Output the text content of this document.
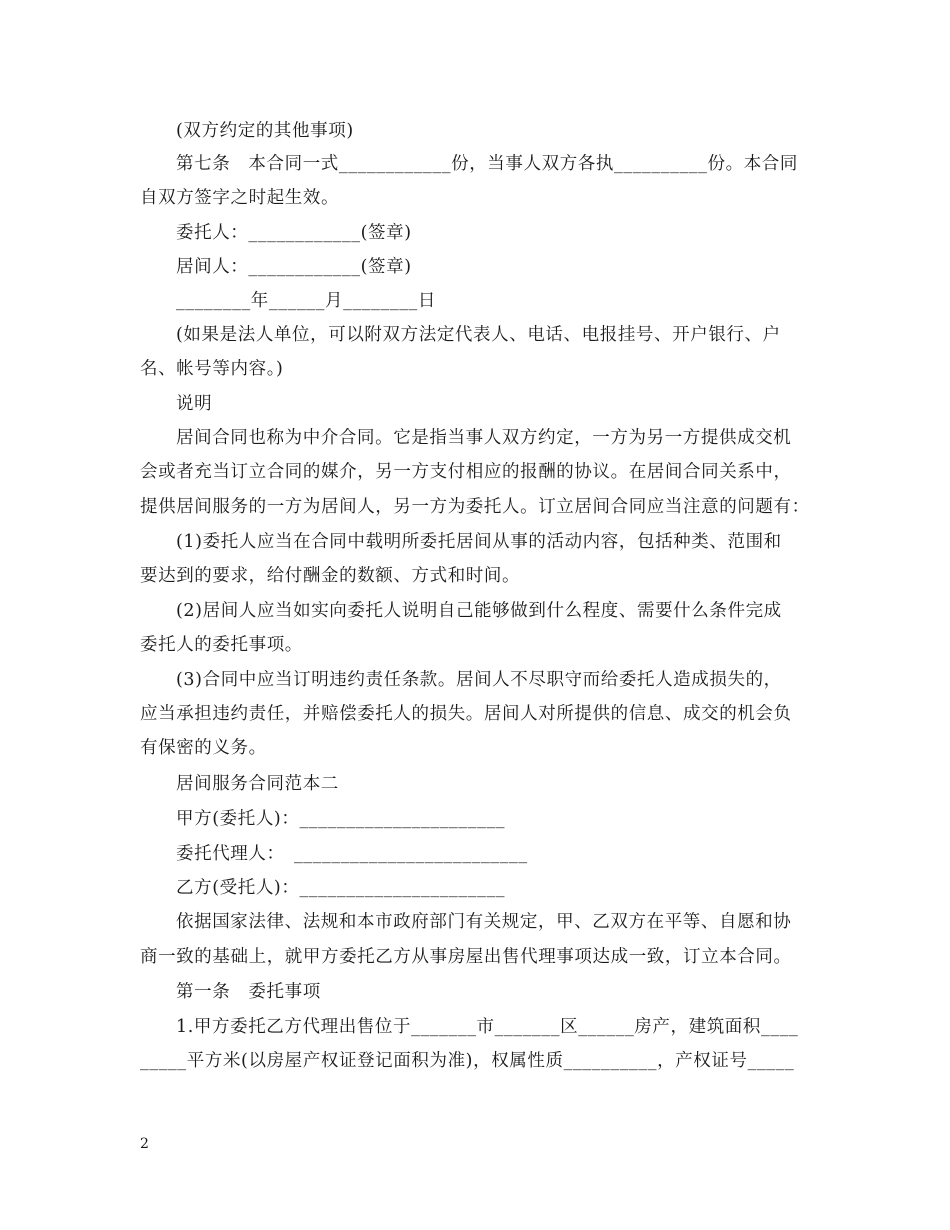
(双方约定的其他事项)
第七条　本合同一式____________份，当事人双方各执__________份。本合同
自双方签字之时起生效。
委托人：____________(签章)
居间人：____________(签章)
________年______月________日
(如果是法人单位，可以附双方法定代表人、电话、电报挂号、开户银行、户
名、帐号等内容。)
说明
居间合同也称为中介合同。它是指当事人双方约定，一方为另一方提供成交机
会或者充当订立合同的媒介，另一方支付相应的报酬的协议。在居间合同关系中，
提供居间服务的一方为居间人，另一方为委托人。订立居间合同应当注意的问题有：
(1)委托人应当在合同中载明所委托居间从事的活动内容，包括种类、范围和
要达到的要求，给付酬金的数额、方式和时间。
(2)居间人应当如实向委托人说明自己能够做到什么程度、需要什么条件完成
委托人的委托事项。
(3)合同中应当订明违约责任条款。居间人不尽职守而给委托人造成损失的，
应当承担违约责任，并赔偿委托人的损失。居间人对所提供的信息、成交的机会负
有保密的义务。
居间服务合同范本二
甲方(委托人)：______________________
委托代理人：　_________________________
乙方(受托人)：______________________
依据国家法律、法规和本市政府部门有关规定，甲、乙双方在平等、自愿和协
商一致的基础上，就甲方委托乙方从事房屋出售代理事项达成一致，订立本合同。
第一条　委托事项
1.甲方委托乙方代理出售位于_______市_______区______房产，建筑面积____
_____平方米(以房屋产权证登记面积为准)，权属性质__________，产权证号_____
2
